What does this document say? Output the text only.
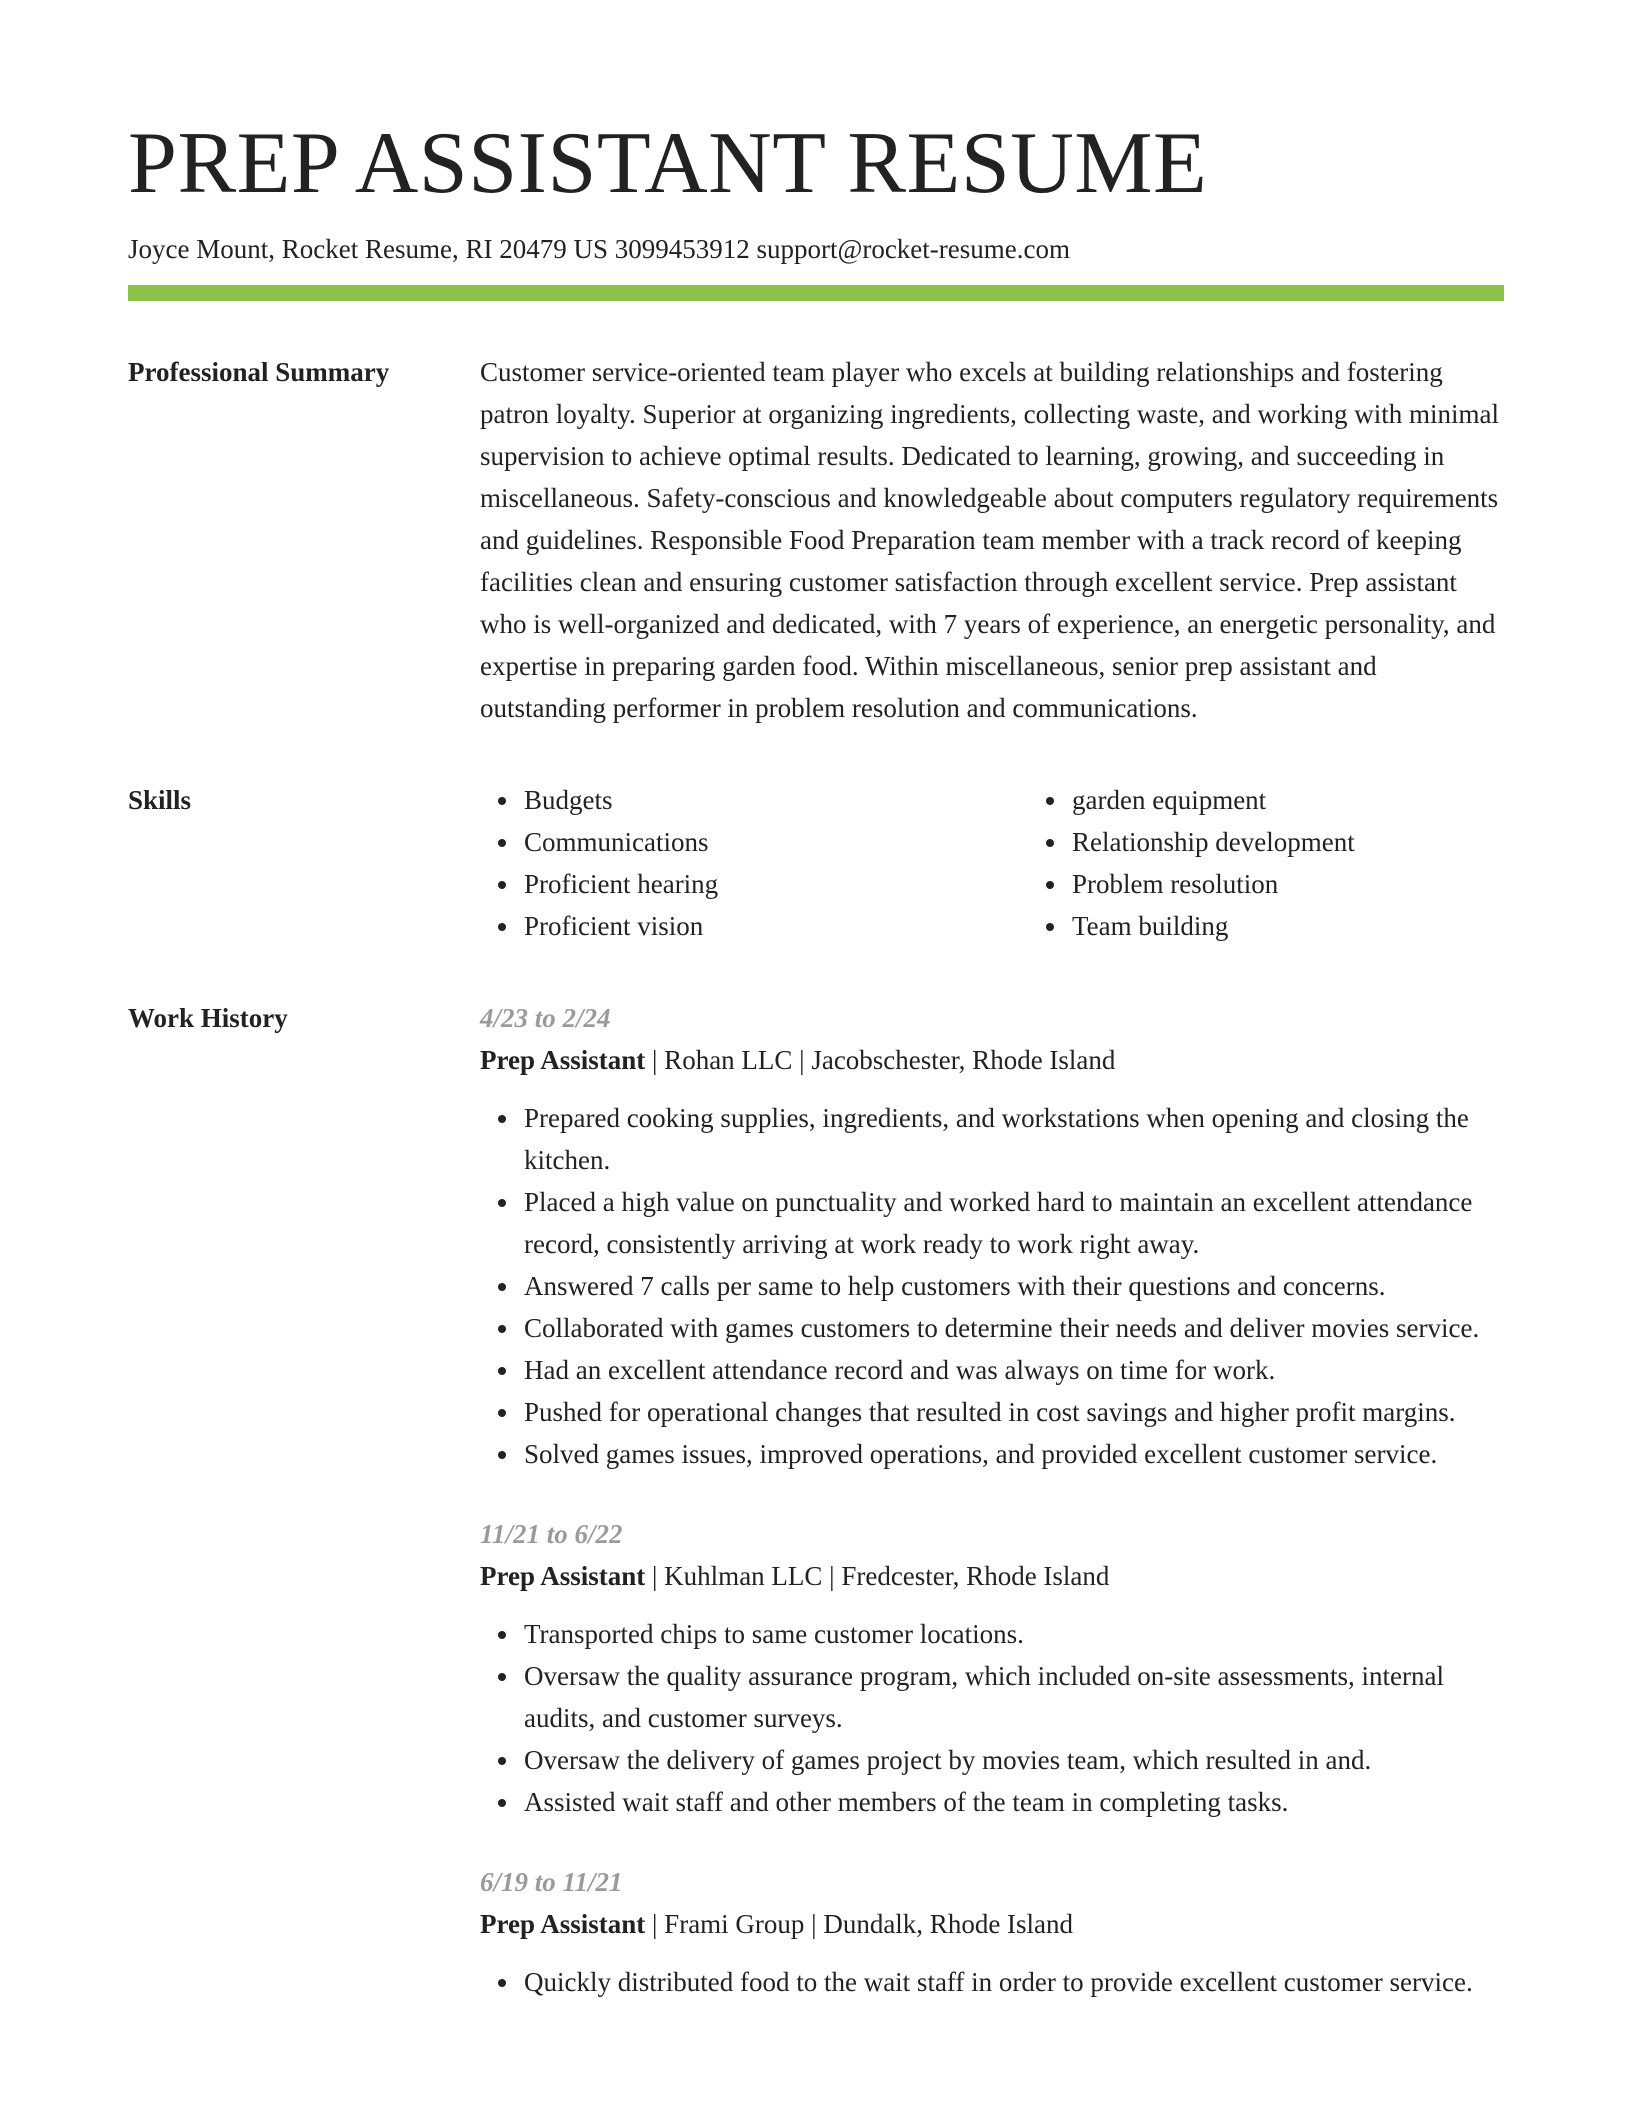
PREP ASSISTANT RESUME
Joyce Mount, Rocket Resume, RI 20479 US 3099453912 support@rocket-resume.com
Professional Summary	Customer service-oriented team player who excels at building relationships and fostering patron loyalty. Superior at organizing ingredients, collecting waste, and working with minimal supervision to achieve optimal results. Dedicated to learning, growing, and succeeding in miscellaneous. Safety-conscious and knowledgeable about computers regulatory requirements and guidelines. Responsible Food Preparation team member with a track record of keeping facilities clean and ensuring customer satisfaction through excellent service. Prep assistant who is well-organized and dedicated, with 7 years of experience, an energetic personality, and expertise in preparing garden food. Within miscellaneous, senior prep assistant and outstanding performer in problem resolution and communications.

Skills	Budgets
Communications
Proficient hearing
Proficient vision
garden equipment
Relationship development
Problem resolution
Team building
Work History	4/23 to 2/24
Prep Assistant | Rohan LLC | Jacobschester, Rhode Island
Prepared cooking supplies, ingredients, and workstations when opening and closing the kitchen.
Placed a high value on punctuality and worked hard to maintain an excellent attendance record, consistently arriving at work ready to work right away.
Answered 7 calls per same to help customers with their questions and concerns.
Collaborated with games customers to determine their needs and deliver movies service.
Had an excellent attendance record and was always on time for work.
Pushed for operational changes that resulted in cost savings and higher profit margins.
Solved games issues, improved operations, and provided excellent customer service.
11/21 to 6/22
Prep Assistant | Kuhlman LLC | Fredcester, Rhode Island
Transported chips to same customer locations.
Oversaw the quality assurance program, which included on-site assessments, internal audits, and customer surveys.
Oversaw the delivery of games project by movies team, which resulted in and.
Assisted wait staff and other members of the team in completing tasks.
6/19 to 11/21
Prep Assistant | Frami Group | Dundalk, Rhode Island
Quickly distributed food to the wait staff in order to provide excellent customer service.
